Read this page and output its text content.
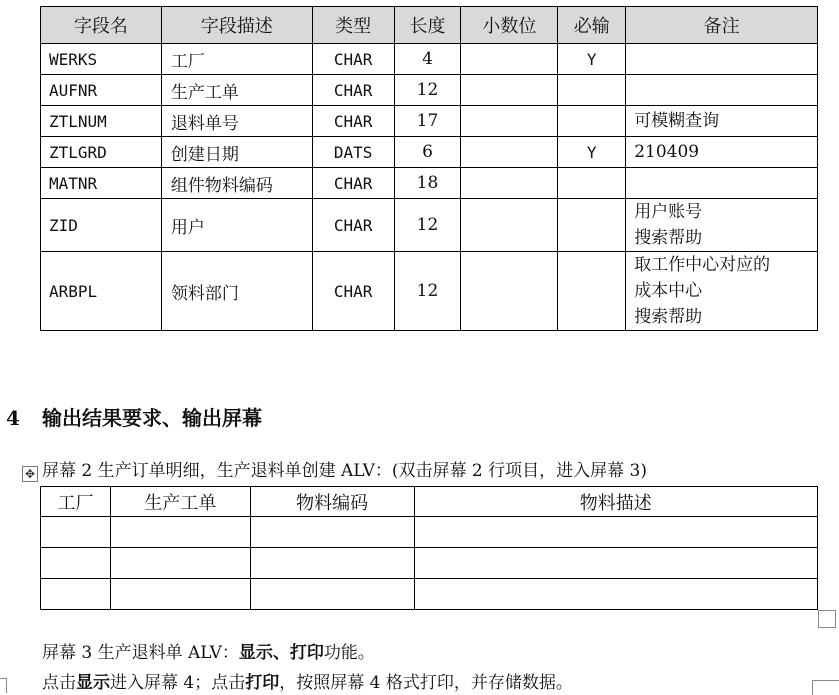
字段名	字段描述	类型	长度	小数位	必输	备注
WERKS	工厂	CHAR	4		Y	
AUFNR	生产工单	CHAR	12			
ZTLNUM	退料单号	CHAR	17			可模糊查询

ZTLGRD	创建日期	DATS	6		Y	210409

MATNR	组件物料编码	CHAR	18			
ZID	用户	CHAR	12			用户账号
搜索帮助

ARBPL	领料部门	CHAR	12			取工作中心对应的
成本中心
搜索帮助
4 输出结果要求、输出屏幕
✥ 屏幕 2 生产订单明细，生产退料单创建 ALV：(双击屏幕 2 行项目，进入屏幕 3)
工厂	生产工单	物料编码	物料描述

屏幕 3 生产退料单 ALV：显示、打印功能。
点击显示进入屏幕 4；点击打印，按照屏幕 4 格式打印，并存储数据。
